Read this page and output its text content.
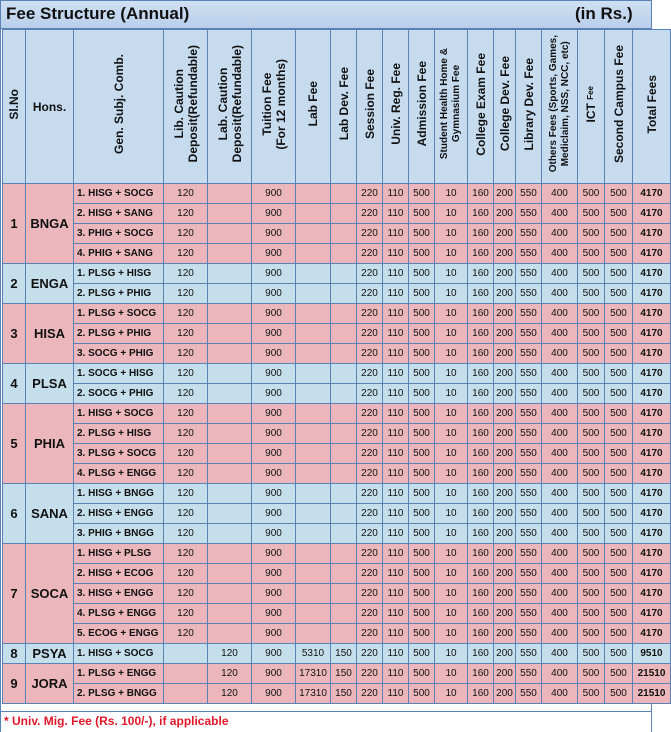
Fee Structure (Annual)	(in Rs.)
Sl.No	Hons.	Gen. Subj. Comb.	Lib. Caution
Deposit(Refundable)	Lab. Caution
Deposit(Refundable)	Tuition Fee
(For 12 months)	Lab Fee	Lab Dev. Fee	Session Fee	Univ. Reg. Fee	Admission Fee	Student Health Home &
Gymnasium Fee	College Exam Fee	College Dev. Fee	Library Dev. Fee	Others Fees (Sports, Games,
Mediclaim, NSS, NCC, etc)	ICT Fee	Second Campus Fee	Total Fees
1	BNGA	1. HISG + SOCG	120		900			220	110	500	10	160	200	550	400	500	500	4170
		2. HISG + SANG	120		900			220	110	500	10	160	200	550	400	500	500	4170
		3. PHIG + SOCG	120		900			220	110	500	10	160	200	550	400	500	500	4170
		4. PHIG + SANG	120		900			220	110	500	10	160	200	550	400	500	500	4170
2	ENGA	1. PLSG + HISG	120		900			220	110	500	10	160	200	550	400	500	500	4170
		2. PLSG + PHIG	120		900			220	110	500	10	160	200	550	400	500	500	4170
3	HISA	1. PLSG + SOCG	120		900			220	110	500	10	160	200	550	400	500	500	4170
		2. PLSG + PHIG	120		900			220	110	500	10	160	200	550	400	500	500	4170
		3. SOCG + PHIG	120		900			220	110	500	10	160	200	550	400	500	500	4170
4	PLSA	1. SOCG + HISG	120		900			220	110	500	10	160	200	550	400	500	500	4170
		2. SOCG + PHIG	120		900			220	110	500	10	160	200	550	400	500	500	4170
5	PHIA	1. HISG + SOCG	120		900			220	110	500	10	160	200	550	400	500	500	4170
		2. PLSG + HISG	120		900			220	110	500	10	160	200	550	400	500	500	4170
		3. PLSG + SOCG	120		900			220	110	500	10	160	200	550	400	500	500	4170
		4. PLSG + ENGG	120		900			220	110	500	10	160	200	550	400	500	500	4170
6	SANA	1. HISG + BNGG	120		900			220	110	500	10	160	200	550	400	500	500	4170
		2. HISG + ENGG	120		900			220	110	500	10	160	200	550	400	500	500	4170
		3. PHIG + BNGG	120		900			220	110	500	10	160	200	550	400	500	500	4170
7	SOCA	1. HISG + PLSG	120		900			220	110	500	10	160	200	550	400	500	500	4170
		2. HISG + ECOG	120		900			220	110	500	10	160	200	550	400	500	500	4170
		3. HISG + ENGG	120		900			220	110	500	10	160	200	550	400	500	500	4170
		4. PLSG + ENGG	120		900			220	110	500	10	160	200	550	400	500	500	4170
		5. ECOG + ENGG	120		900			220	110	500	10	160	200	550	400	500	500	4170
8	PSYA	1. HISG + SOCG		120	900	5310	150	220	110	500	10	160	200	550	400	500	500	9510
9	JORA	1. PLSG + ENGG		120	900	17310	150	220	110	500	10	160	200	550	400	500	500	21510
		2. PLSG + BNGG		120	900	17310	150	220	110	500	10	160	200	550	400	500	500	21510
* Univ. Mig. Fee (Rs. 100/-), if applicable
